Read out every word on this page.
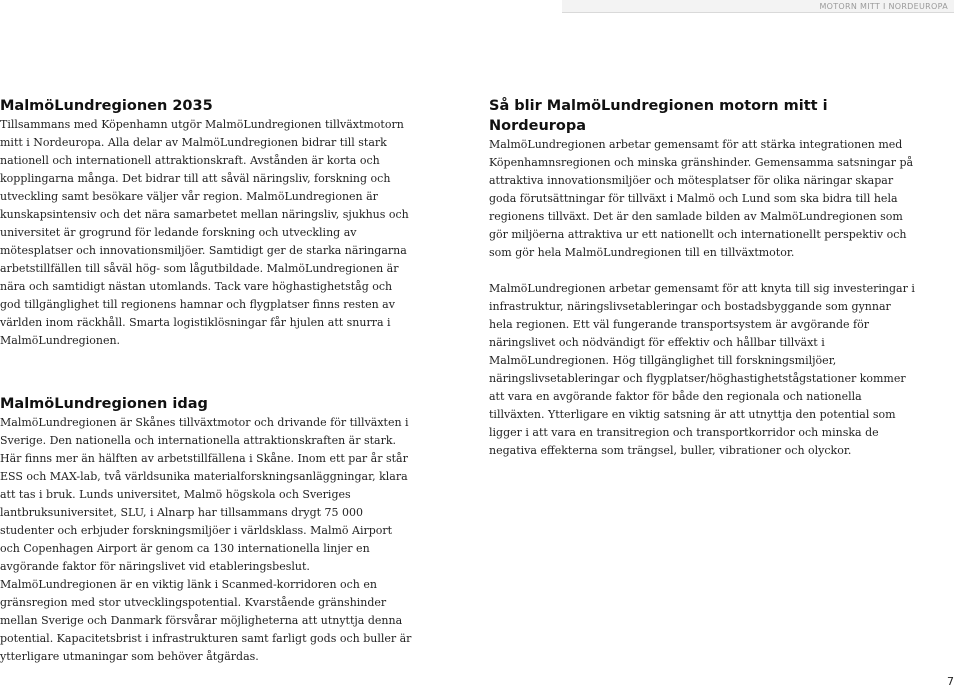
MOTORN MITT I NORDEUROPA
MalmöLundregionen 2035

Tillsammans med Köpenhamn utgör MalmöLundregionen tillväxtmotorn mitt i Nordeuropa. Alla delar av MalmöLundregionen bidrar till stark nationell och internationell attraktionskraft. Avstånden är korta och kopplingarna många. Det bidrar till att såväl näringsliv, forskning och utveckling samt besökare väljer vår region. MalmöLundregionen är kunskapsintensiv och det nära samarbetet mellan näringsliv, sjukhus och universitet är grogrund för ledande forskning och utveckling av mötesplatser och innovationsmiljöer. Samtidigt ger de starka näringarna arbetstillfällen till såväl hög- som lågutbildade. MalmöLundregionen är nära och samtidigt nästan utomlands. Tack vare höghastighetståg och god tillgänglighet till regionens hamnar och flygplatser finns resten av världen inom räckhåll. Smarta logistiklösningar får hjulen att snurra i MalmöLundregionen.

MalmöLundregionen idag

MalmöLundregionen är Skånes tillväxtmotor och drivande för tillväxten i Sverige. Den nationella och internationella attraktionskraften är stark. Här finns mer än hälften av arbetstillfällena i Skåne. Inom ett par år står ESS och MAX-lab, två världsunika materialforskningsanläggningar, klara att tas i bruk. Lunds universitet, Malmö högskola och Sveriges lantbruksuniversitet, SLU, i Alnarp har tillsammans drygt 75 000 studenter och erbjuder forskningsmiljöer i världsklass. Malmö Airport och Copenhagen Airport är genom ca 130 internationella linjer en avgörande faktor för näringslivet vid etableringsbeslut. MalmöLundregionen är en viktig länk i Scanmed-korridoren och en gränsregion med stor utvecklingspotential. Kvarstående gränshinder mellan Sverige och Danmark försvårar möjligheterna att utnyttja denna potential. Kapacitetsbrist i infrastrukturen samt farligt gods och buller är ytterligare utmaningar som behöver åtgärdas.

Så blir MalmöLundregionen motorn mitt i Nordeuropa

MalmöLundregionen arbetar gemensamt för att stärka integrationen med Köpenhamnsregionen och minska gränshinder. Gemensamma satsningar på attraktiva innovationsmiljöer och mötesplatser för olika näringar skapar goda förutsättningar för tillväxt i Malmö och Lund som ska bidra till hela regionens tillväxt. Det är den samlade bilden av MalmöLundregionen som gör miljöerna attraktiva ur ett nationellt och internationellt perspektiv och som gör hela MalmöLundregionen till en tillväxtmotor.

MalmöLundregionen arbetar gemensamt för att knyta till sig investeringar i infrastruktur, näringslivsetableringar och bostadsbyggande som gynnar hela regionen. Ett väl fungerande transportsystem är avgörande för näringslivet och nödvändigt för effektiv och hållbar tillväxt i MalmöLundregionen. Hög tillgänglighet till forskningsmiljöer, näringslivsetableringar och flygplatser/höghastighetstågstationer kommer att vara en avgörande faktor för både den regionala och nationella tillväxten. Ytterligare en viktig satsning är att utnyttja den potential som ligger i att vara en transitregion och transportkorridor och minska de negativa effekterna som trängsel, buller, vibrationer och olyckor.

7
